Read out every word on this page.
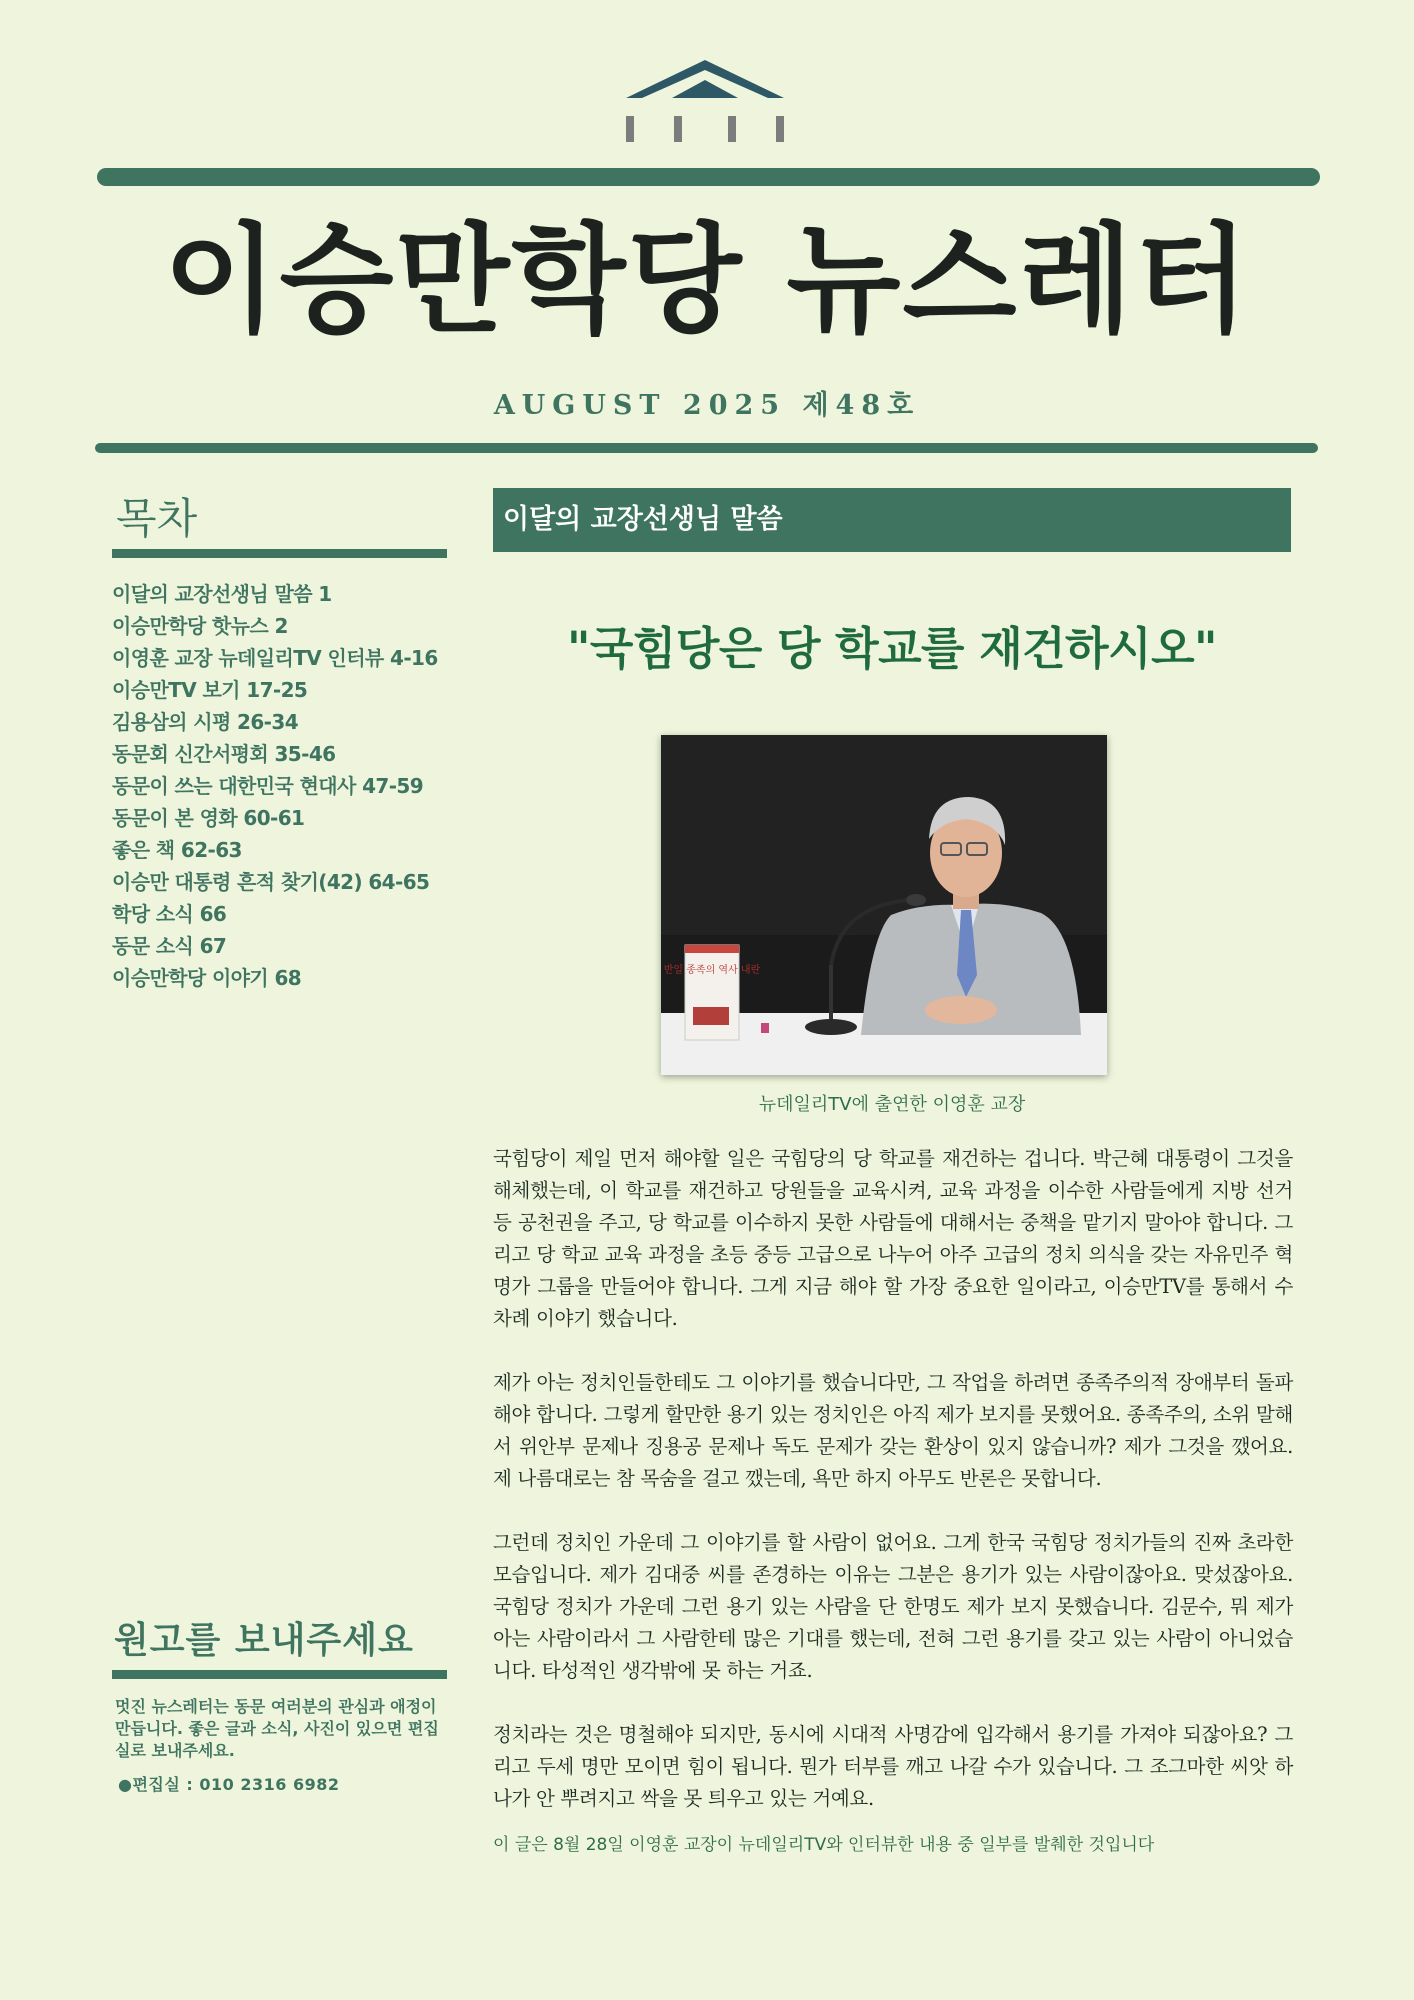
이승만학당 뉴스레터
AUGUST 2025 제48호
목차
이달의 교장선생님 말씀 1
이승만학당 핫뉴스 2
이영훈 교장 뉴데일리TV 인터뷰 4-16
이승만TV 보기 17-25
김용삼의 시평 26-34
동문회 신간서평회 35-46
동문이 쓰는 대한민국 현대사 47-59
동문이 본 영화 60-61
좋은 책 62-63
이승만 대통령 흔적 찾기(42) 64-65
학당 소식 66
동문 소식 67
이승만학당 이야기 68
원고를 보내주세요
멋진 뉴스레터는 동문 여러분의 관심과 애정이 만듭니다. 좋은 글과 소식, 사진이 있으면 편집실로 보내주세요.
●편집실 : 010 2316 6982
이달의 교장선생님 말씀
"국힘당은 당 학교를 재건하시오"
반일 종족의 역사 내란
뉴데일리TV에 출연한 이영훈 교장

국힘당이 제일 먼저 해야할 일은 국힘당의 당 학교를 재건하는 겁니다. 박근혜 대통령이 그것을 해체했는데, 이 학교를 재건하고 당원들을 교육시켜, 교육 과정을 이수한 사람들에게 지방 선거 등 공천권을 주고, 당 학교를 이수하지 못한 사람들에 대해서는 중책을 맡기지 말아야 합니다. 그리고 당 학교 교육 과정을 초등 중등 고급으로 나누어 아주 고급의 정치 의식을 갖는 자유민주 혁명가 그룹을 만들어야 합니다. 그게 지금 해야 할 가장 중요한 일이라고, 이승만TV를 통해서 수차례 이야기 했습니다.

제가 아는 정치인들한테도 그 이야기를 했습니다만, 그 작업을 하려면 종족주의적 장애부터 돌파해야 합니다. 그렇게 할만한 용기 있는 정치인은 아직 제가 보지를 못했어요. 종족주의, 소위 말해서 위안부 문제나 징용공 문제나 독도 문제가 갖는 환상이 있지 않습니까? 제가 그것을 깼어요. 제 나름대로는 참 목숨을 걸고 깼는데, 욕만 하지 아무도 반론은 못합니다.

그런데 정치인 가운데 그 이야기를 할 사람이 없어요. 그게 한국 국힘당 정치가들의 진짜 초라한 모습입니다. 제가 김대중 씨를 존경하는 이유는 그분은 용기가 있는 사람이잖아요. 맞섰잖아요. 국힘당 정치가 가운데 그런 용기 있는 사람을 단 한명도 제가 보지 못했습니다. 김문수, 뭐 제가 아는 사람이라서 그 사람한테 많은 기대를 했는데, 전혀 그런 용기를 갖고 있는 사람이 아니었습니다. 타성적인 생각밖에 못 하는 거죠.

정치라는 것은 명철해야 되지만, 동시에 시대적 사명감에 입각해서 용기를 가져야 되잖아요? 그리고 두세 명만 모이면 힘이 됩니다. 뭔가 터부를 깨고 나갈 수가 있습니다. 그 조그마한 씨앗 하나가 안 뿌려지고 싹을 못 틔우고 있는 거예요.

이 글은 8월 28일 이영훈 교장이 뉴데일리TV와 인터뷰한 내용 중 일부를 발췌한 것입니다
